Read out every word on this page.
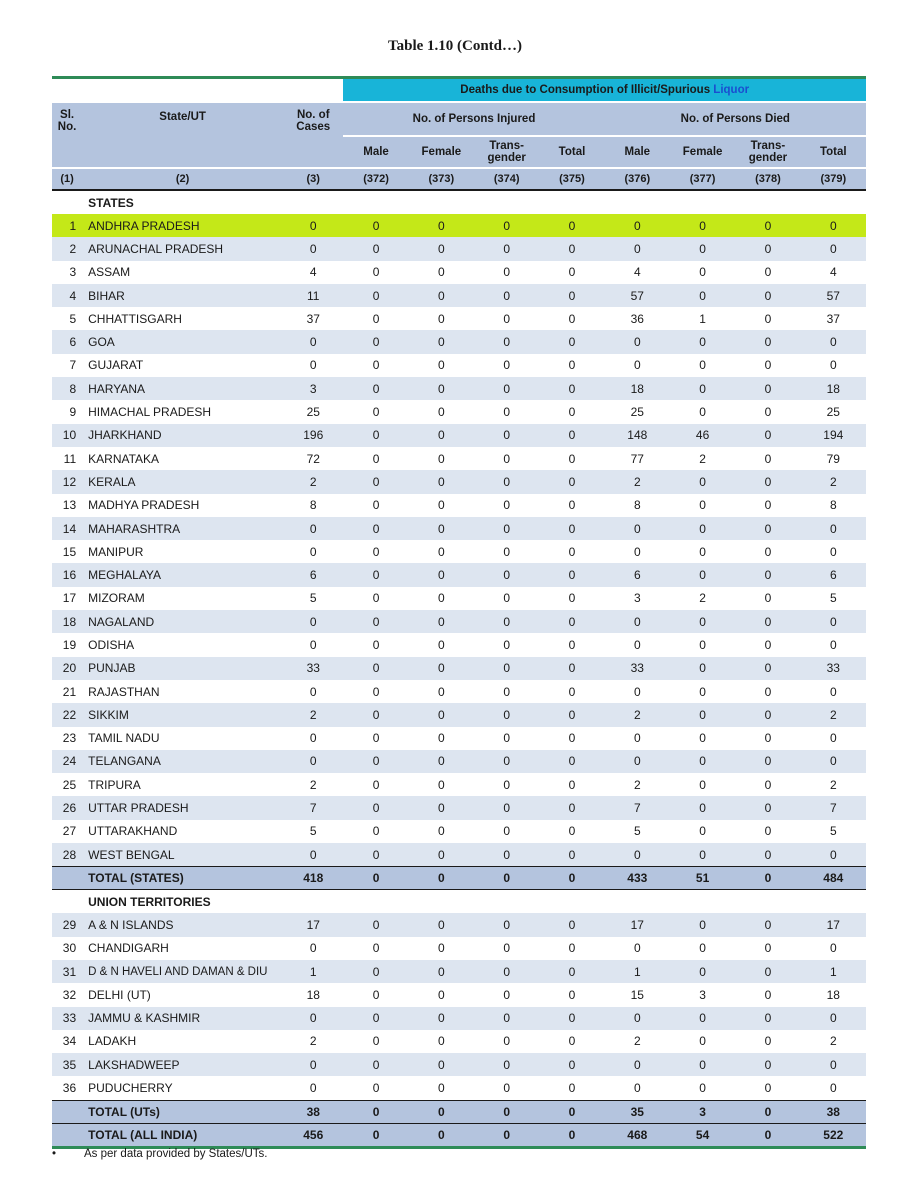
Table 1.10 (Contd…)
			Deaths due to Consumption of Illicit/Spurious Liquor							
Sl. No.	State/UT	No. of Cases	No. of Persons Injured				No. of Persons Died			
			Male	Female	Trans-gender	Total	Male	Female	Trans-gender	Total
(1)	(2)	(3)	(372)	(373)	(374)	(375)	(376)	(377)	(378)	(379)
	STATES									
1	ANDHRA PRADESH	0	0	0	0	0	0	0	0	0
2	ARUNACHAL PRADESH	0	0	0	0	0	0	0	0	0
3	ASSAM	4	0	0	0	0	4	0	0	4
4	BIHAR	11	0	0	0	0	57	0	0	57
5	CHHATTISGARH	37	0	0	0	0	36	1	0	37
6	GOA	0	0	0	0	0	0	0	0	0
7	GUJARAT	0	0	0	0	0	0	0	0	0
8	HARYANA	3	0	0	0	0	18	0	0	18
9	HIMACHAL PRADESH	25	0	0	0	0	25	0	0	25
10	JHARKHAND	196	0	0	0	0	148	46	0	194
11	KARNATAKA	72	0	0	0	0	77	2	0	79
12	KERALA	2	0	0	0	0	2	0	0	2
13	MADHYA PRADESH	8	0	0	0	0	8	0	0	8
14	MAHARASHTRA	0	0	0	0	0	0	0	0	0
15	MANIPUR	0	0	0	0	0	0	0	0	0
16	MEGHALAYA	6	0	0	0	0	6	0	0	6
17	MIZORAM	5	0	0	0	0	3	2	0	5
18	NAGALAND	0	0	0	0	0	0	0	0	0
19	ODISHA	0	0	0	0	0	0	0	0	0
20	PUNJAB	33	0	0	0	0	33	0	0	33
21	RAJASTHAN	0	0	0	0	0	0	0	0	0
22	SIKKIM	2	0	0	0	0	2	0	0	2
23	TAMIL NADU	0	0	0	0	0	0	0	0	0
24	TELANGANA	0	0	0	0	0	0	0	0	0
25	TRIPURA	2	0	0	0	0	2	0	0	2
26	UTTAR PRADESH	7	0	0	0	0	7	0	0	7
27	UTTARAKHAND	5	0	0	0	0	5	0	0	5
28	WEST BENGAL	0	0	0	0	0	0	0	0	0
	TOTAL (STATES)	418	0	0	0	0	433	51	0	484
	UNION TERRITORIES									
29	A & N ISLANDS	17	0	0	0	0	17	0	0	17
30	CHANDIGARH	0	0	0	0	0	0	0	0	0
31	D & N HAVELI AND DAMAN & DIU	1	0	0	0	0	1	0	0	1
32	DELHI (UT)	18	0	0	0	0	15	3	0	18
33	JAMMU & KASHMIR	0	0	0	0	0	0	0	0	0
34	LADAKH	2	0	0	0	0	2	0	0	2
35	LAKSHADWEEP	0	0	0	0	0	0	0	0	0
36	PUDUCHERRY	0	0	0	0	0	0	0	0	0
	TOTAL (UTs)	38	0	0	0	0	35	3	0	38
	TOTAL (ALL INDIA)	456	0	0	0	0	468	54	0	522
• As per data provided by States/UTs.
